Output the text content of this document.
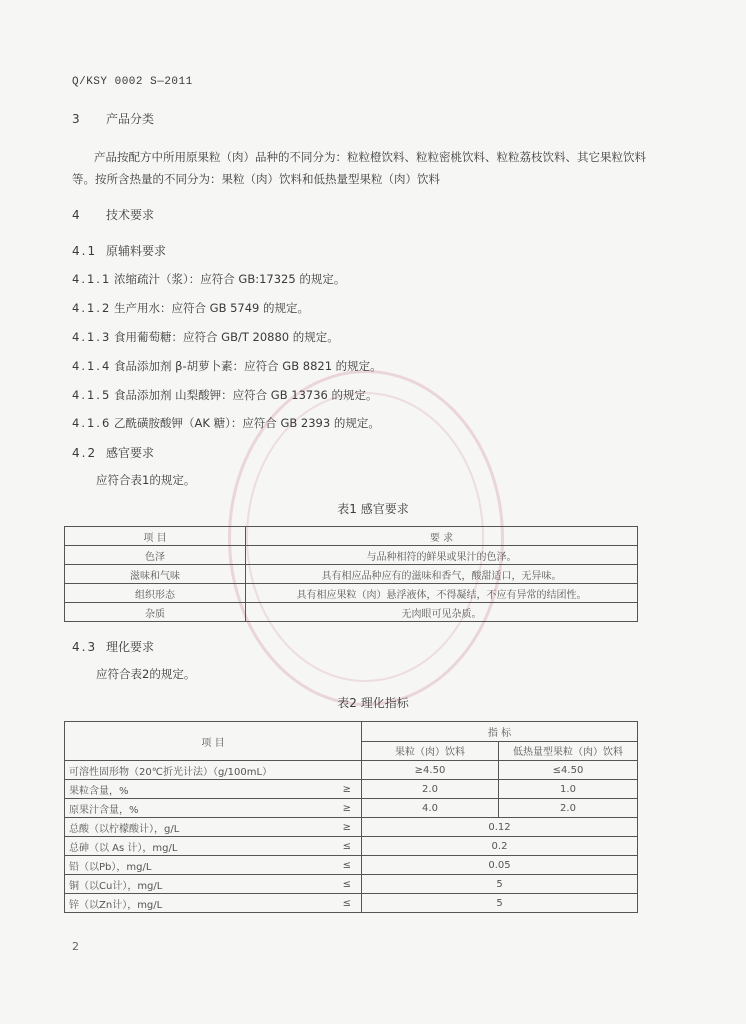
Q/KSY 0002 S—2011
3 产品分类
产品按配方中所用原果粒（肉）品种的不同分为：粒粒橙饮料、粒粒密桃饮料、粒粒荔枝饮料、其它果粒饮料等。按所含热量的不同分为：果粒（肉）饮料和低热量型果粒（肉）饮料
4 技术要求
4.1 原辅料要求
4.1.1 浓缩疏汁（浆）：应符合 GB:17325 的规定。
4.1.2 生产用水：应符合 GB 5749 的规定。
4.1.3 食用葡萄糖：应符合 GB/T 20880 的规定。
4.1.4 食品添加剂 β-胡萝卜素：应符合 GB 8821 的规定。
4.1.5 食品添加剂 山梨酸钾：应符合 GB 13736 的规定。
4.1.6 乙酰磺胺酸钾（AK 糖）：应符合 GB 2393 的规定。
4.2 感官要求
应符合表1的规定。
表1 感官要求
项 目	要 求
色泽	与品种相符的鲜果或果汁的色泽。
滋味和气味	具有相应品种应有的滋味和香气，酸甜适口，无异味。
组织形态	具有相应果粒（肉）悬浮液体，不得凝结，不应有异常的结团性。
杂质	无肉眼可见杂质。
4.3 理化要求
应符合表2的规定。
表2 理化指标
项 目		指 标	
		果粒（肉）饮料	低热量型果粒（肉）饮料
可溶性固形物（20℃折光计法）（g/100mL）		≥4.50	≤4.50
果粒含量，%	≥	2.0	1.0
原果汁含量，%	≥	4.0	2.0
总酸（以柠檬酸计），g/L	≥	0.12	
总砷（以 As 计），mg/L	≤	0.2	
铅（以Pb），mg/L	≤	0.05	
铜（以Cu计），mg/L	≤	5	
锌（以Zn计），mg/L	≤	5	
2
